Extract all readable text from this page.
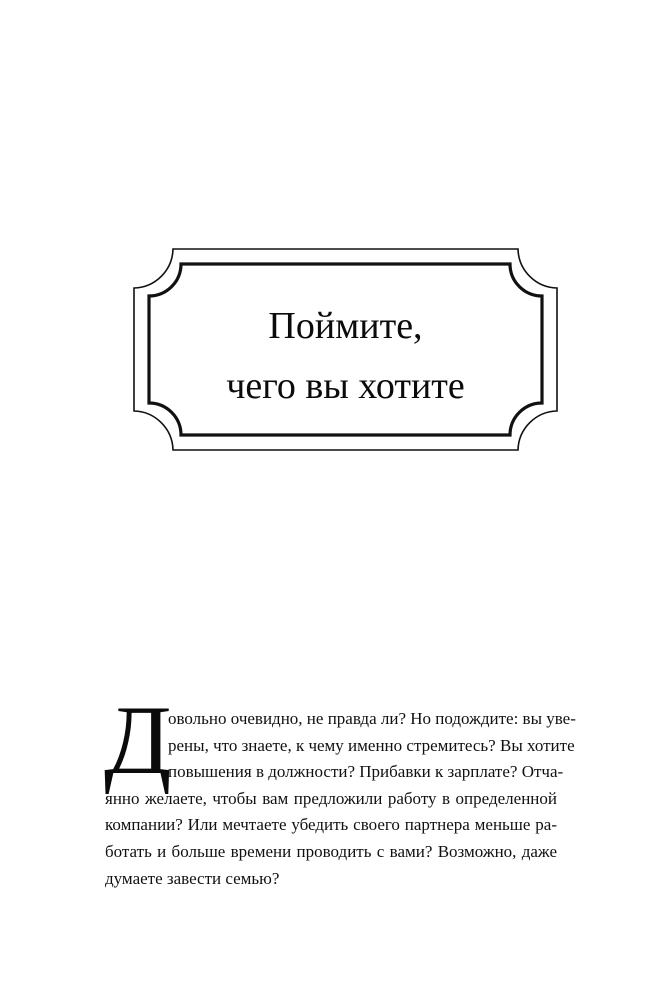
Поймите,
чего вы хотите
Д
овольно очевидно, не правда ли? Но подождите: вы уве-
рены, что знаете, к чему именно стремитесь? Вы хотите
повышения в должности? Прибавки к зарплате? Отча-
янно желаете, чтобы вам предложили работу в определенной
компании? Или мечтаете убедить своего партнера меньше ра-
ботать и больше времени проводить с вами? Возможно, даже
думаете завести семью?
